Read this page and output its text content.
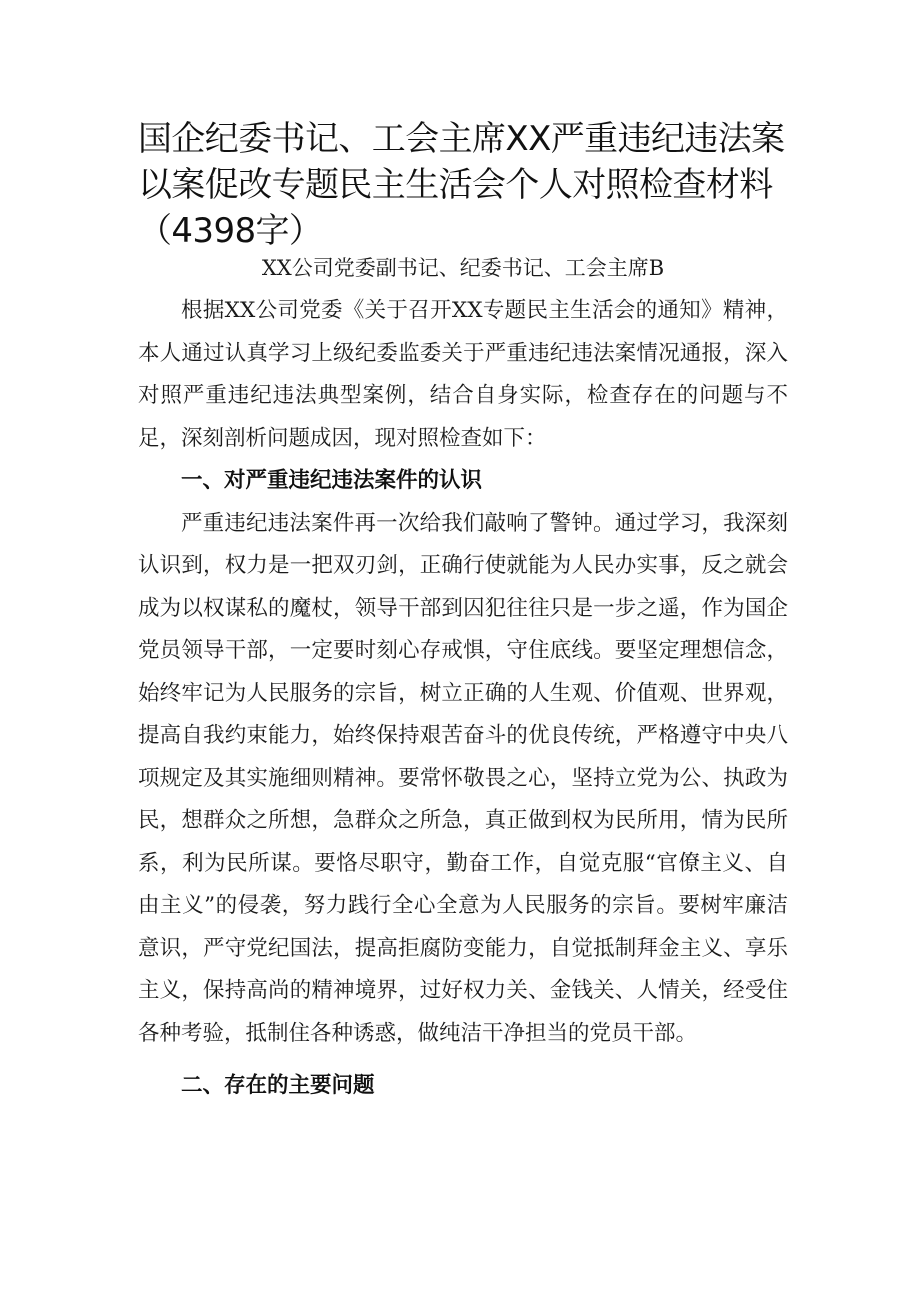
国企纪委书记、工会主席XX严重违纪违法案以案促改专题民主生活会个人对照检查材料（4398字）
XX公司党委副书记、纪委书记、工会主席B

根据XX公司党委《关于召开XX专题民主生活会的通知》精神，本人通过认真学习上级纪委监委关于严重违纪违法案情况通报，深入对照严重违纪违法典型案例，结合自身实际，检查存在的问题与不足，深刻剖析问题成因，现对照检查如下：

一、对严重违纪违法案件的认识

严重违纪违法案件再一次给我们敲响了警钟。通过学习，我深刻认识到，权力是一把双刃剑，正确行使就能为人民办实事，反之就会成为以权谋私的魔杖，领导干部到囚犯往往只是一步之遥，作为国企党员领导干部，一定要时刻心存戒惧，守住底线。要坚定理想信念，始终牢记为人民服务的宗旨，树立正确的人生观、价值观、世界观，提高自我约束能力，始终保持艰苦奋斗的优良传统，严格遵守中央八项规定及其实施细则精神。要常怀敬畏之心，坚持立党为公、执政为民，想群众之所想，急群众之所急，真正做到权为民所用，情为民所系，利为民所谋。要恪尽职守，勤奋工作，自觉克服“官僚主义、自由主义”的侵袭，努力践行全心全意为人民服务的宗旨。要树牢廉洁意识，严守党纪国法，提高拒腐防变能力，自觉抵制拜金主义、享乐主义，保持高尚的精神境界，过好权力关、金钱关、人情关，经受住各种考验，抵制住各种诱惑，做纯洁干净担当的党员干部。

二、存在的主要问题
